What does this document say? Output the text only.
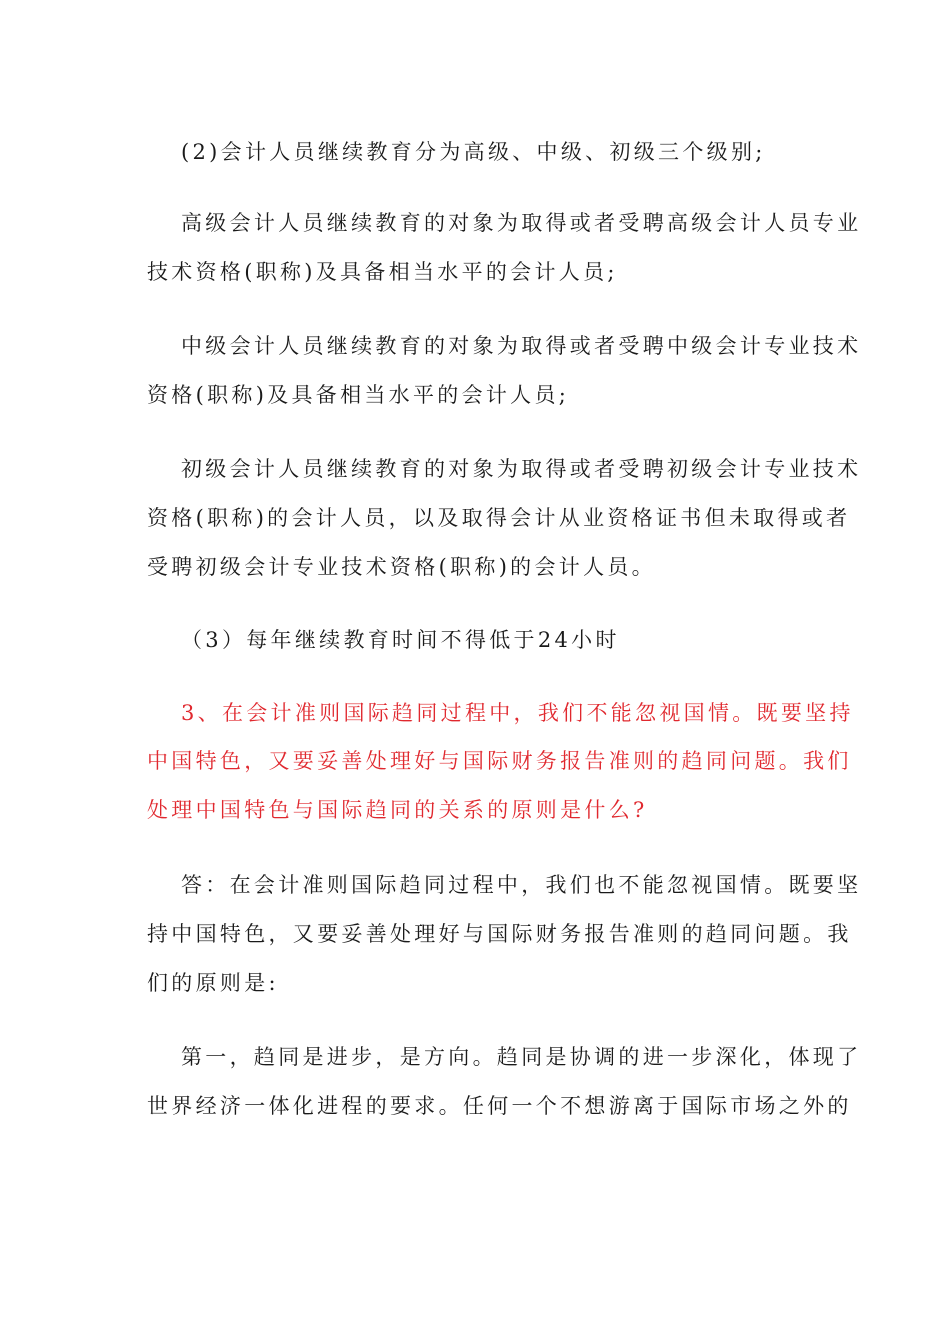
(2)会计人员继续教育分为高级、中级、初级三个级别;
高级会计人员继续教育的对象为取得或者受聘高级会计人员专业
技术资格(职称)及具备相当水平的会计人员;
中级会计人员继续教育的对象为取得或者受聘中级会计专业技术
资格(职称)及具备相当水平的会计人员;
初级会计人员继续教育的对象为取得或者受聘初级会计专业技术
资格(职称)的会计人员，以及取得会计从业资格证书但未取得或者
受聘初级会计专业技术资格(职称)的会计人员。
（3）每年继续教育时间不得低于24小时
3、在会计准则国际趋同过程中，我们不能忽视国情。既要坚持
中国特色，又要妥善处理好与国际财务报告准则的趋同问题。我们
处理中国特色与国际趋同的关系的原则是什么?
答：在会计准则国际趋同过程中，我们也不能忽视国情。既要坚
持中国特色，又要妥善处理好与国际财务报告准则的趋同问题。我
们的原则是:
第一，趋同是进步，是方向。趋同是协调的进一步深化，体现了
世界经济一体化进程的要求。任何一个不想游离于国际市场之外的
